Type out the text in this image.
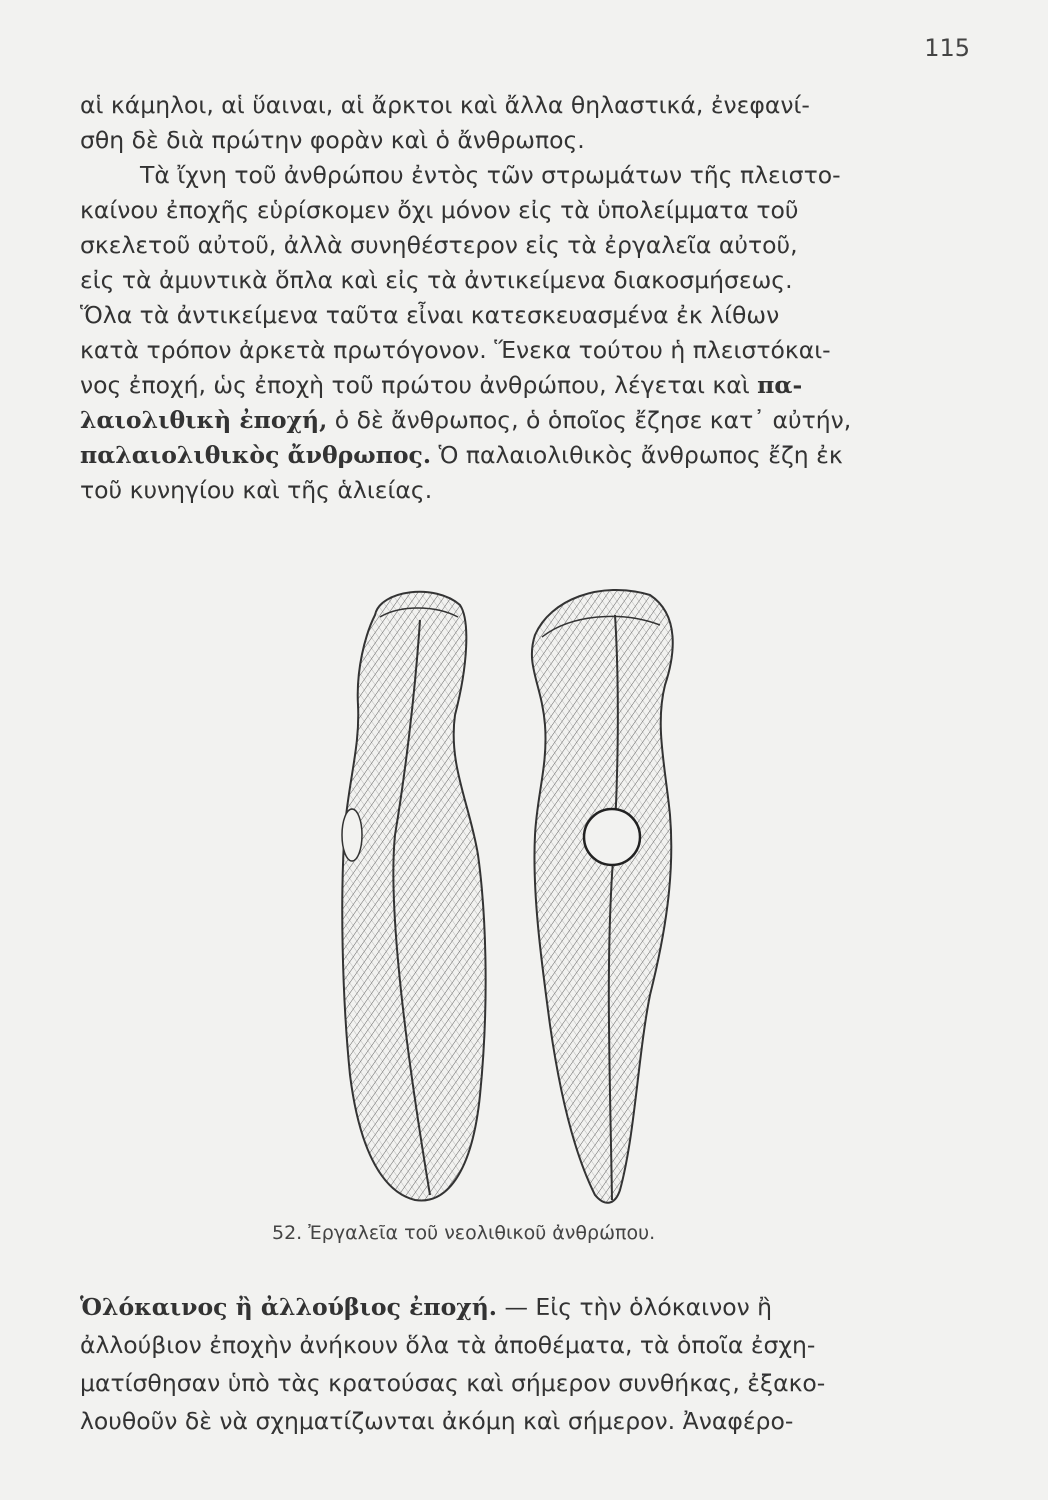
115
αἱ κάμηλοι, αἱ ὕαιναι, αἱ ἄρκτοι καὶ ἄλλα θηλαστικά, ἐνεφανί-
σθη δὲ διὰ πρώτην φορὰν καὶ ὁ ἄνθρωπος.
Τὰ ἴχνη τοῦ ἀνθρώπου ἐντὸς τῶν στρωμάτων τῆς πλειστο-
καίνου ἐποχῆς εὑρίσκομεν ὄχι μόνον εἰς τὰ ὑπολείμματα τοῦ
σκελετοῦ αὐτοῦ, ἀλλὰ συνηθέστερον εἰς τὰ ἐργαλεῖα αὐτοῦ,
εἰς τὰ ἀμυντικὰ ὅπλα καὶ εἰς τὰ ἀντικείμενα διακοσμήσεως.
Ὅλα τὰ ἀντικείμενα ταῦτα εἶναι κατεσκευασμένα ἐκ λίθων
κατὰ τρόπον ἀρκετὰ πρωτόγονον. Ἕνεκα τούτου ἡ πλειστόκαι-
νος ἐποχή, ὡς ἐποχὴ τοῦ πρώτου ἀνθρώπου, λέγεται καὶ πα-
λαιολιθικὴ ἐποχή, ὁ δὲ ἄνθρωπος, ὁ ὁποῖος ἔζησε κατ᾽ αὐτήν,
παλαιολιθικὸς ἄνθρωπος. Ὁ παλαιολιθικὸς ἄνθρωπος ἔζη ἐκ
τοῦ κυνηγίου καὶ τῆς ἁλιείας.
52. Ἐργαλεῖα τοῦ νεολιθικοῦ ἀνθρώπου.
Ὁλόκαινος ἢ ἀλλούβιος ἐποχή. — Εἰς τὴν ὁλόκαινον ἢ
ἀλλούβιον ἐποχὴν ἀνήκουν ὅλα τὰ ἀποθέματα, τὰ ὁποῖα ἐσχη-
ματίσθησαν ὑπὸ τὰς κρατούσας καὶ σήμερον συνθήκας, ἐξακο-
λουθοῦν δὲ νὰ σχηματίζωνται ἀκόμη καὶ σήμερον. Ἀναφέρο-
